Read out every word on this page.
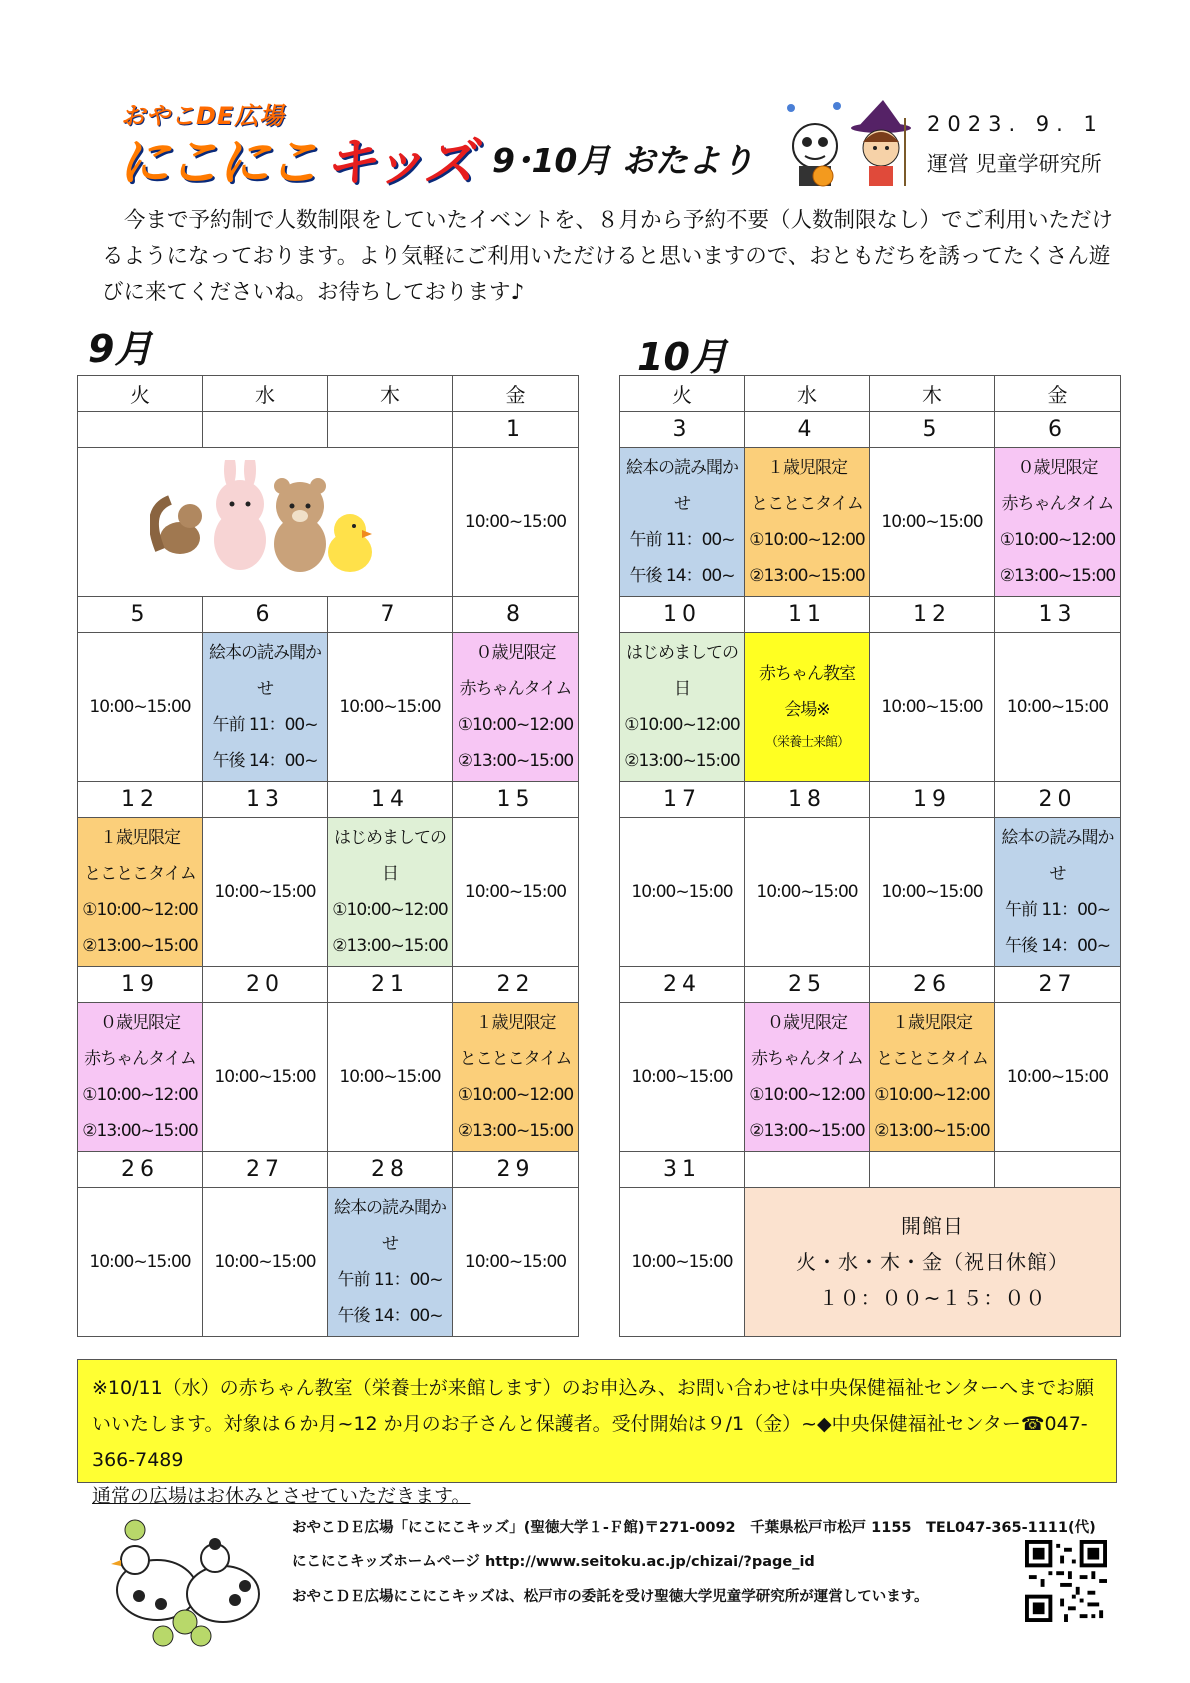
おやこDE広場
にこにこ キッズ 9･10月 おたより
2023. 9. 1
運営 児童学研究所
今まで予約制で人数制限をしていたイベントを、８月から予約不要（人数制限なし）でご利用いただけるようになっております。より気軽にご利用いただけると思いますので、おともだちを誘ってたくさん遊びに来てくださいね。お待ちしております♪
9月	10月
火	水	木	金
			1

10:00~15:00

5	6	7	8

10:00~15:00	絵本の読み聞かせ
午前 11：00~
午後 14：00~	10:00~15:00	０歳児限定
赤ちゃんタイム
①10:00~12:00
②13:00~15:00

12	13	14	15

１歳児限定
とことこタイム
①10:00~12:00
②13:00~15:00	10:00~15:00	はじめましての日
①10:00~12:00
②13:00~15:00	10:00~15:00

19	20	21	22

０歳児限定
赤ちゃんタイム
①10:00~12:00
②13:00~15:00	10:00~15:00	10:00~15:00	１歳児限定
とことこタイム
①10:00~12:00
②13:00~15:00

26	27	28	29

10:00~15:00	10:00~15:00	絵本の読み聞かせ
午前 11：00~
午後 14：00~	10:00~15:00
火	水	木	金
3	4	5	6

絵本の読み聞かせ
午前 11：00~
午後 14：00~	１歳児限定
とことこタイム
①10:00~12:00
②13:00~15:00	10:00~15:00	０歳児限定
赤ちゃんタイム
①10:00~12:00
②13:00~15:00

10	11	12	13

はじめましての日
①10:00~12:00
②13:00~15:00	赤ちゃん教室
会場※
（栄養士来館）	10:00~15:00	10:00~15:00

17	18	19	20

10:00~15:00	10:00~15:00	10:00~15:00	絵本の読み聞かせ
午前 11：00~
午後 14：00~

24	25	26	27

10:00~15:00	０歳児限定
赤ちゃんタイム
①10:00~12:00
②13:00~15:00	１歳児限定
とことこタイム
①10:00~12:00
②13:00~15:00	10:00~15:00

31			

10:00~15:00	開館日
火・水・木・金（祝日休館）
１０：００~１５：００		
※10/11（水）の赤ちゃん教室（栄養士が来館します）のお申込み、お問い合わせは中央保健福祉センターへまでお願いいたします。対象は６か月~12 か月のお子さんと保護者。受付開始は９/1（金）~◆中央保健福祉センター☎047-366-7489
通常の広場はお休みとさせていただきます。
おやこＤＥ広場「にこにこキッズ」(聖徳大学１-Ｆ館)〒271-0092　千葉県松戸市松戸 1155　TEL047-365-1111(代)
にこにこキッズホームページ http://www.seitoku.ac.jp/chizai/?page_id
おやこＤＥ広場にこにこキッズは、松戸市の委託を受け聖徳大学児童学研究所が運営しています。
